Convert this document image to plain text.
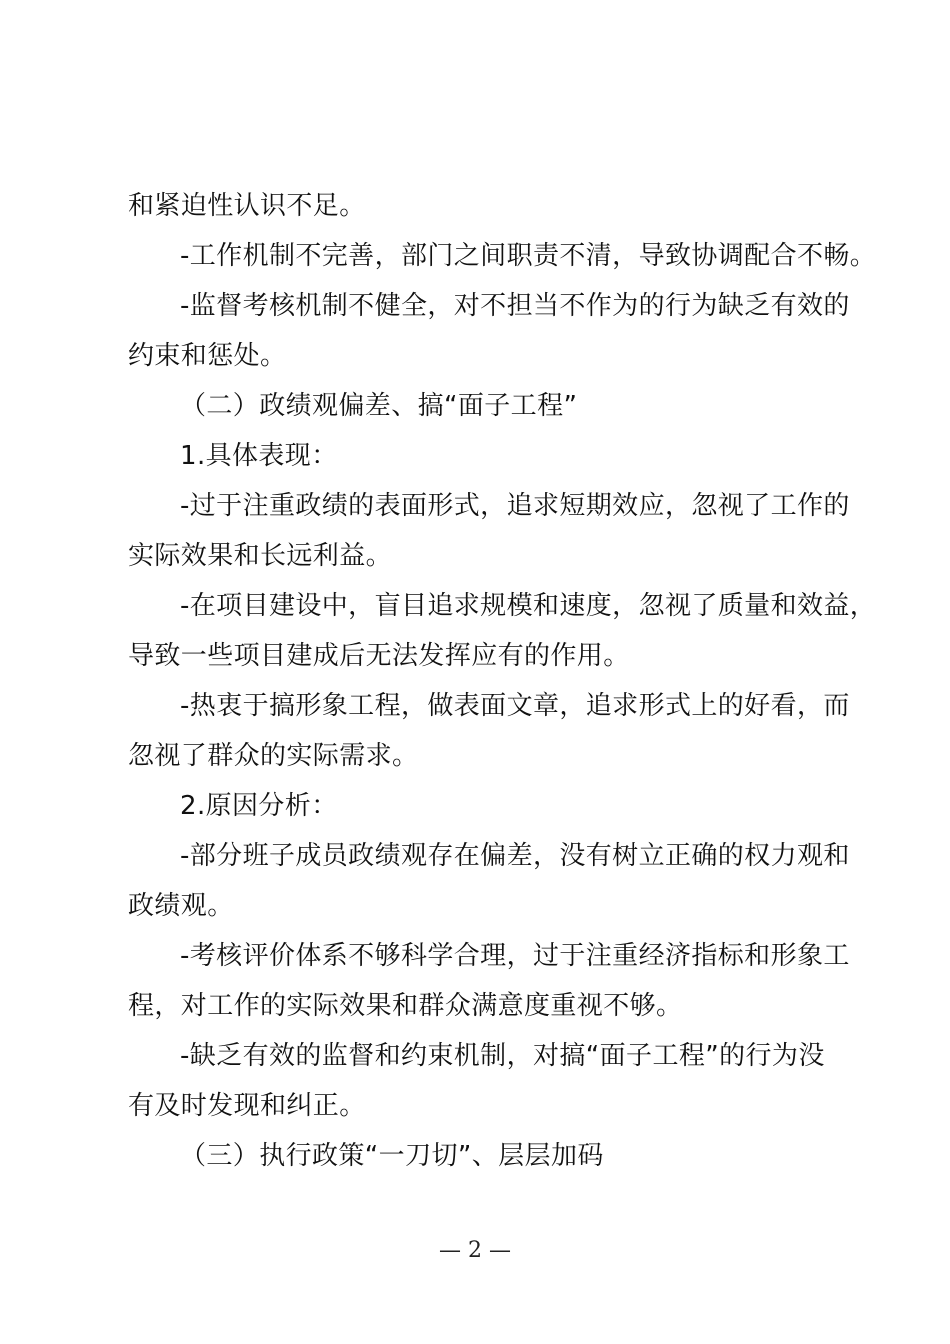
和紧迫性认识不足。
-工作机制不完善，部门之间职责不清，导致协调配合不畅。
-监督考核机制不健全，对不担当不作为的行为缺乏有效的
约束和惩处。
（二）政绩观偏差、搞“面子工程”
1.具体表现：
-过于注重政绩的表面形式，追求短期效应，忽视了工作的
实际效果和长远利益。
-在项目建设中，盲目追求规模和速度，忽视了质量和效益，
导致一些项目建成后无法发挥应有的作用。
-热衷于搞形象工程，做表面文章，追求形式上的好看，而
忽视了群众的实际需求。
2.原因分析：
-部分班子成员政绩观存在偏差，没有树立正确的权力观和
政绩观。
-考核评价体系不够科学合理，过于注重经济指标和形象工
程，对工作的实际效果和群众满意度重视不够。
-缺乏有效的监督和约束机制，对搞“面子工程”的行为没
有及时发现和纠正。
（三）执行政策“一刀切”、层层加码
— 2 —
